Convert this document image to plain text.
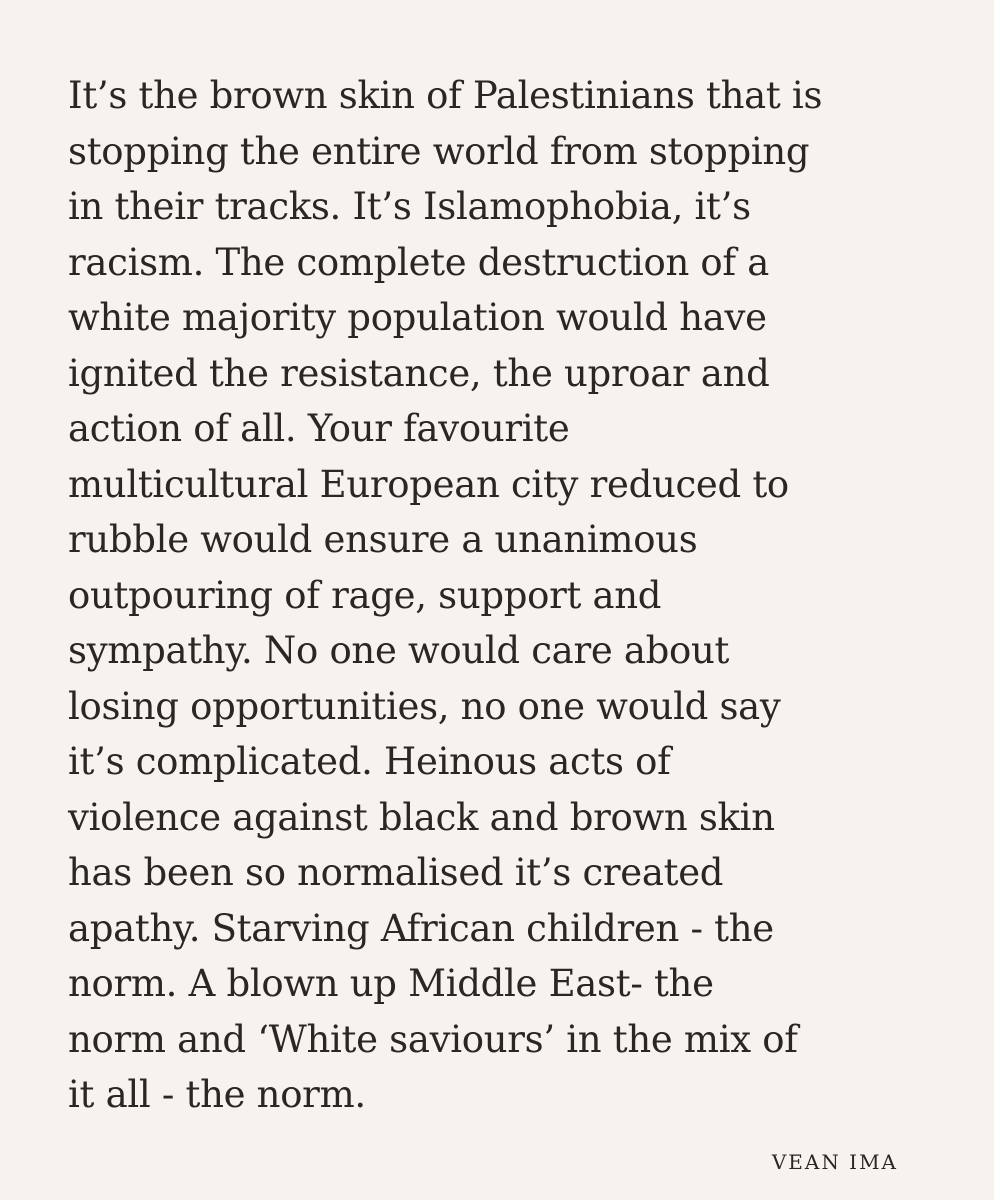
It’s the brown skin of Palestinians that is
stopping the entire world from stopping
in their tracks. It’s Islamophobia, it’s
racism. The complete destruction of a
white majority population would have
ignited the resistance, the uproar and
action of all. Your favourite
multicultural European city reduced to
rubble would ensure a unanimous
outpouring of rage, support and
sympathy. No one would care about
losing opportunities, no one would say
it’s complicated. Heinous acts of
violence against black and brown skin
has been so normalised it’s created
apathy. Starving African children - the
norm. A blown up Middle East- the
norm and ‘White saviours’ in the mix of
it all - the norm.
VEAN IMA
